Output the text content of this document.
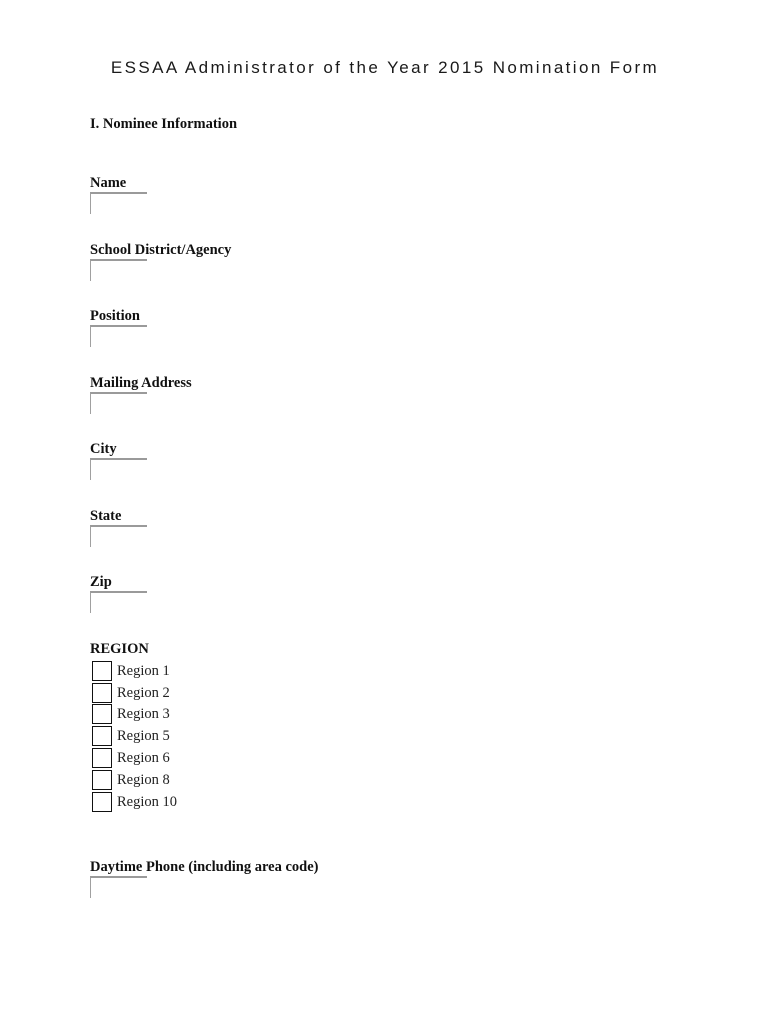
ESSAA Administrator of the Year 2015 Nomination Form
I. Nominee Information
Name
School District/Agency
Position
Mailing Address
City
State
Zip
REGION
Region 1
Region 2
Region 3
Region 5
Region 6
Region 8
Region 10
Daytime Phone (including area code)
